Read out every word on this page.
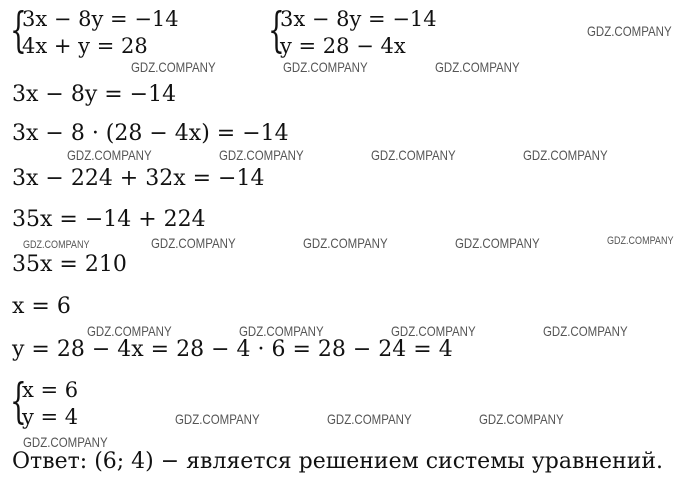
{
3x − 8y = −14
4x + y = 28	{
3x − 8y = −14
y = 28 − 4x
3x − 8y = −14
3x − 8 · (28 − 4x) = −14
3x − 224 + 32x = −14
35x = −14 + 224
35x = 210
x = 6
y = 28 − 4x = 28 − 4 · 6 = 28 − 24 = 4
{
x = 6
y = 4
Ответ: (6; 4) − является решением системы уравнений.
GDZ.COMPANY
GDZ.COMPANY	GDZ.COMPANY	GDZ.COMPANY
GDZ.COMPANY	GDZ.COMPANY	GDZ.COMPANY	GDZ.COMPANY
GDZ.COMPANY	GDZ.COMPANY	GDZ.COMPANY	GDZ.COMPANY	GDZ.COMPANY
GDZ.COMPANY	GDZ.COMPANY	GDZ.COMPANY	GDZ.COMPANY
GDZ.COMPANY	GDZ.COMPANY	GDZ.COMPANY
GDZ.COMPANY
